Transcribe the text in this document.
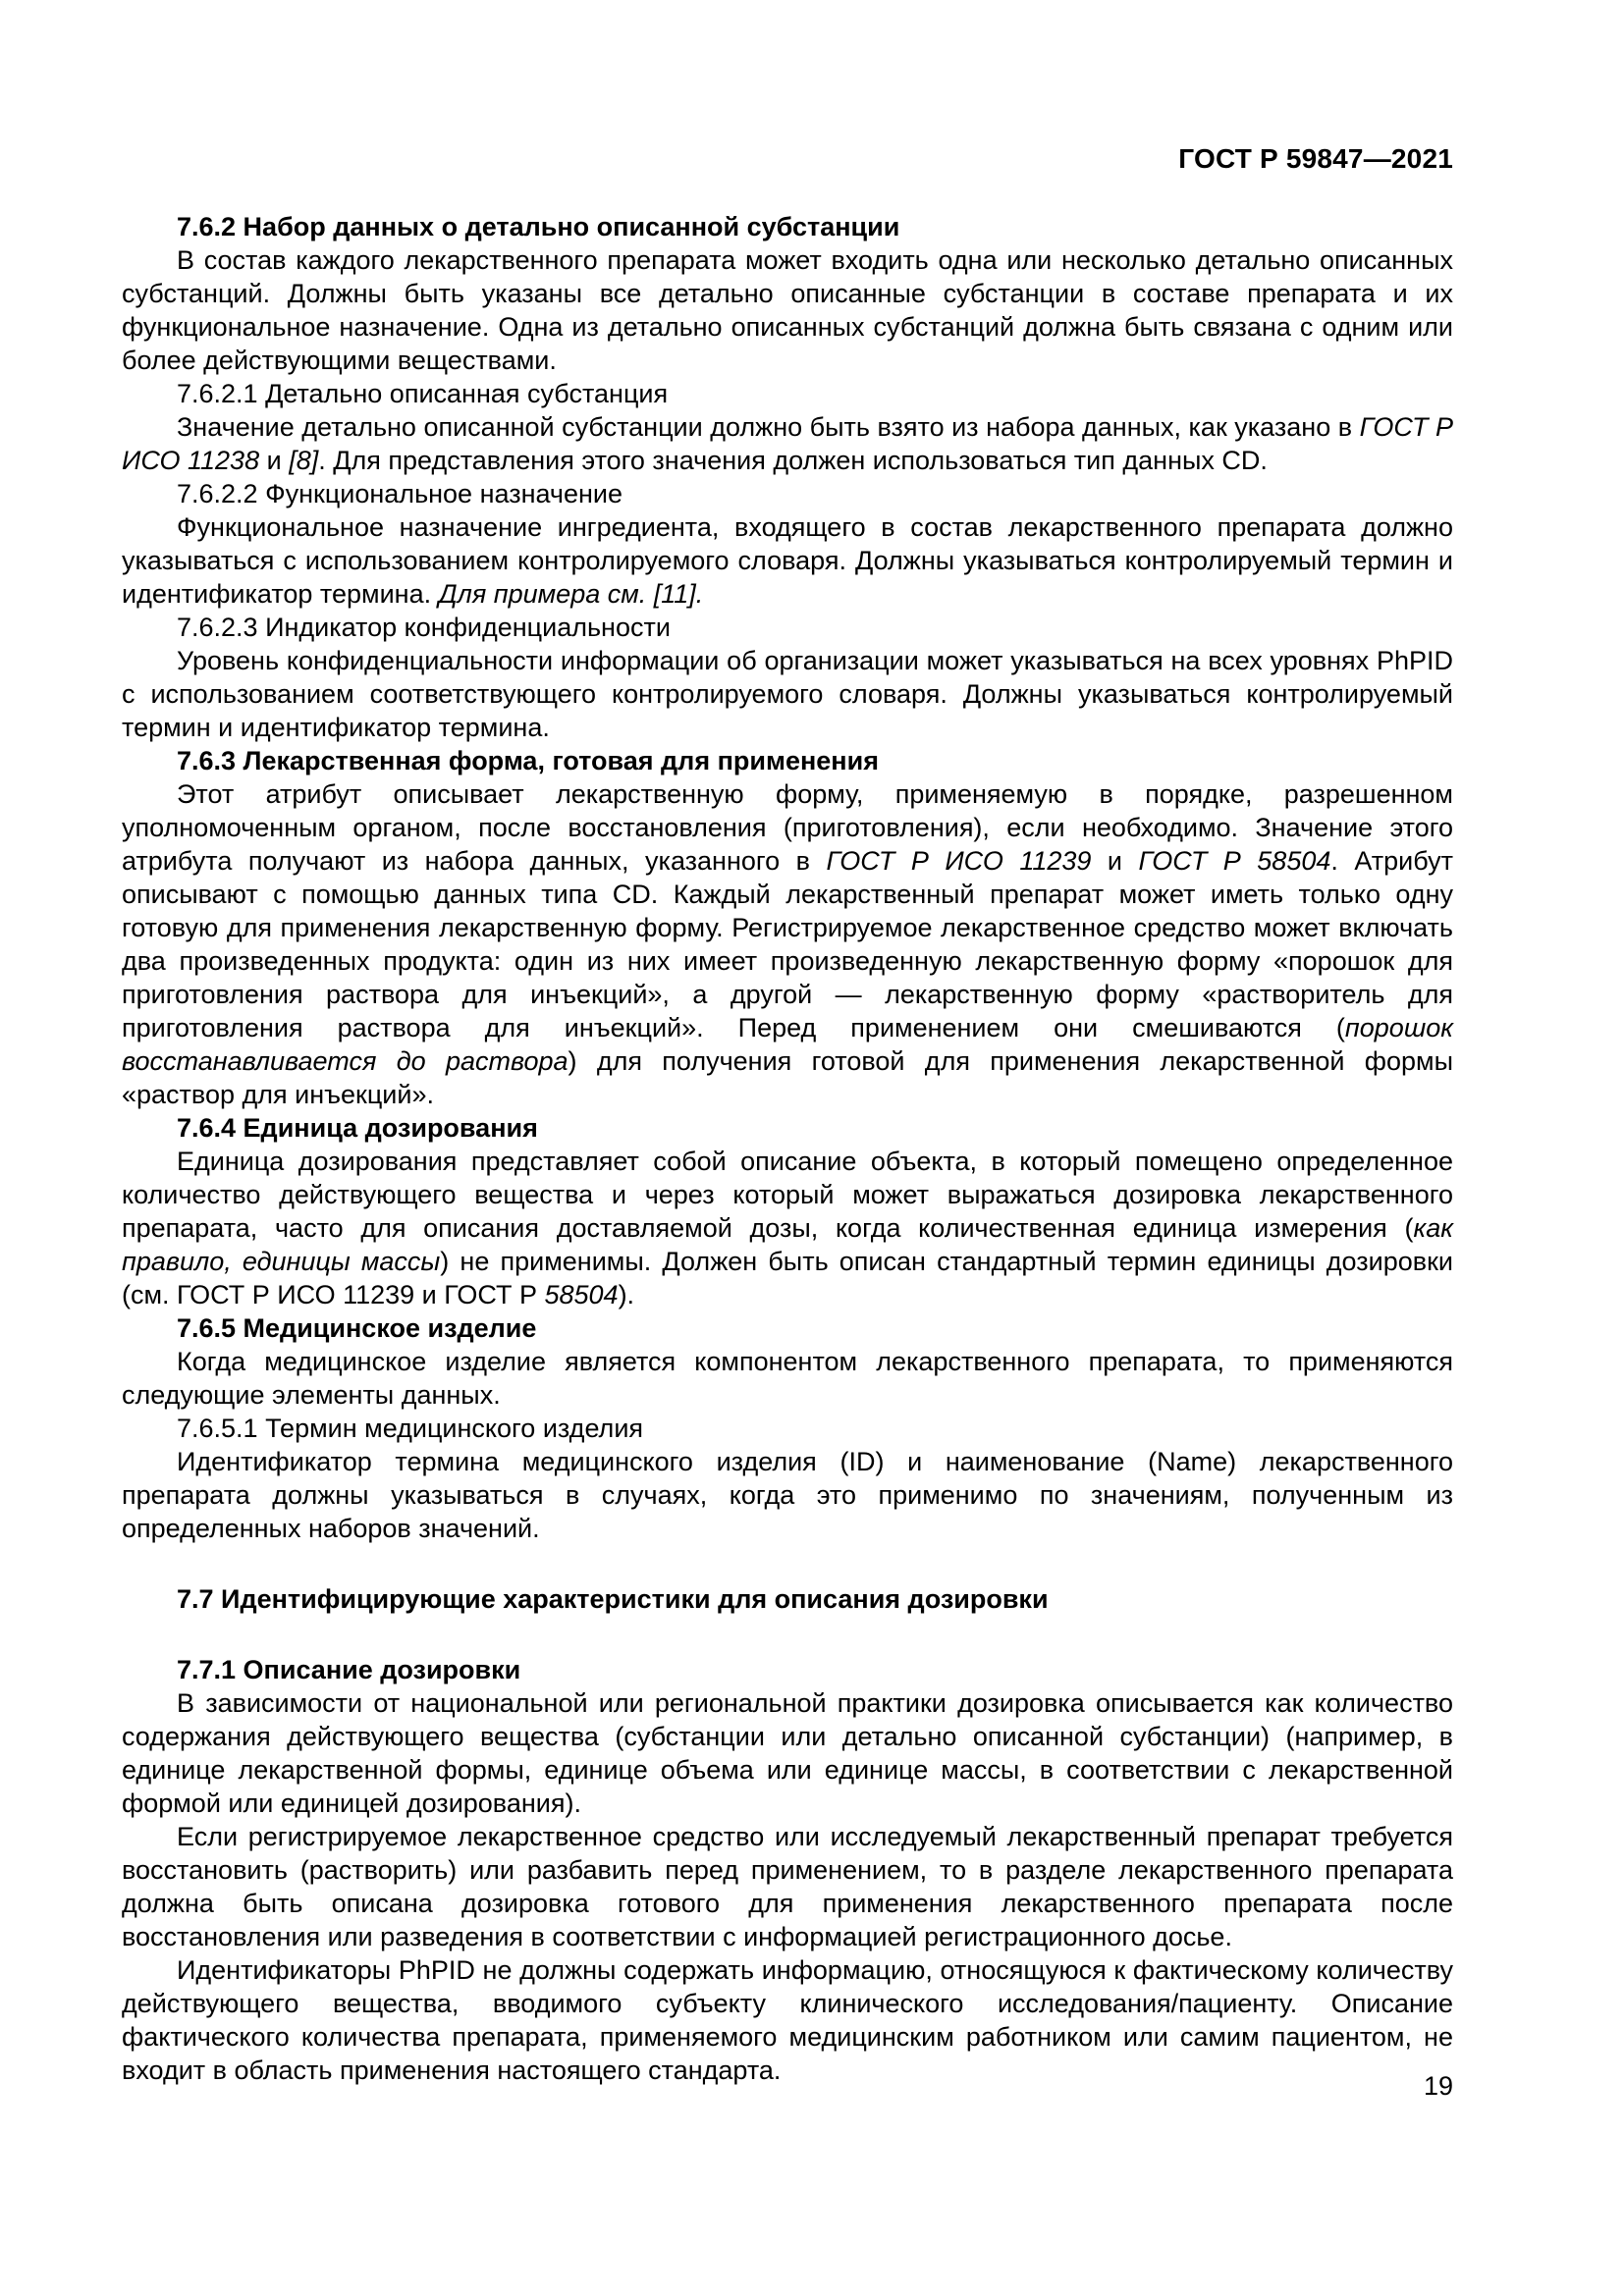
ГОСТ Р 59847—2021

7.6.2 Набор данных о детально описанной субстанции

В состав каждого лекарственного препарата может входить одна или несколько детально описанных субстанций. Должны быть указаны все детально описанные субстанции в составе препарата и их функциональное назначение. Одна из детально описанных субстанций должна быть связана с одним или более действующими веществами.

7.6.2.1 Детально описанная субстанция

Значение детально описанной субстанции должно быть взято из набора данных, как указано в ГОСТ Р ИСО 11238 и [8]. Для представления этого значения должен использоваться тип данных CD.

7.6.2.2 Функциональное назначение

Функциональное назначение ингредиента, входящего в состав лекарственного препарата должно указываться с использованием контролируемого словаря. Должны указываться контролируемый термин и идентификатор термина. Для примера см. [11].

7.6.2.3 Индикатор конфиденциальности

Уровень конфиденциальности информации об организации может указываться на всех уровнях PhPID с использованием соответствующего контролируемого словаря. Должны указываться контролируемый термин и идентификатор термина.

7.6.3 Лекарственная форма, готовая для применения

Этот атрибут описывает лекарственную форму, применяемую в порядке, разрешенном уполномоченным органом, после восстановления (приготовления), если необходимо. Значение этого атрибута получают из набора данных, указанного в ГОСТ Р ИСО 11239 и ГОСТ Р 58504. Атрибут описывают с помощью данных типа CD. Каждый лекарственный препарат может иметь только одну готовую для применения лекарственную форму. Регистрируемое лекарственное средство может включать два произведенных продукта: один из них имеет произведенную лекарственную форму «порошок для приготовления раствора для инъекций», а другой — лекарственную форму «растворитель для приготовления раствора для инъекций». Перед применением они смешиваются (порошок восстанавливается до раствора) для получения готовой для применения лекарственной формы «раствор для инъекций».

7.6.4 Единица дозирования

Единица дозирования представляет собой описание объекта, в который помещено определенное количество действующего вещества и через который может выражаться дозировка лекарственного препарата, часто для описания доставляемой дозы, когда количественная единица измерения (как правило, единицы массы) не применимы. Должен быть описан стандартный термин единицы дозировки (см. ГОСТ Р ИСО 11239 и ГОСТ Р 58504).

7.6.5 Медицинское изделие

Когда медицинское изделие является компонентом лекарственного препарата, то применяются следующие элементы данных.

7.6.5.1 Термин медицинского изделия

Идентификатор термина медицинского изделия (ID) и наименование (Name) лекарственного препарата должны указываться в случаях, когда это применимо по значениям, полученным из определенных наборов значений.

7.7 Идентифицирующие характеристики для описания дозировки

7.7.1 Описание дозировки

В зависимости от национальной или региональной практики дозировка описывается как количество содержания действующего вещества (субстанции или детально описанной субстанции) (например, в единице лекарственной формы, единице объема или единице массы, в соответствии с лекарственной формой или единицей дозирования).

Если регистрируемое лекарственное средство или исследуемый лекарственный препарат требуется восстановить (растворить) или разбавить перед применением, то в разделе лекарственного препарата должна быть описана дозировка готового для применения лекарственного препарата после восстановления или разведения в соответствии с информацией регистрационного досье.

Идентификаторы PhPID не должны содержать информацию, относящуюся к фактическому количеству действующего вещества, вводимого субъекту клинического исследования/пациенту. Описание фактического количества препарата, применяемого медицинским работником или самим пациентом, не входит в область применения настоящего стандарта.

19
